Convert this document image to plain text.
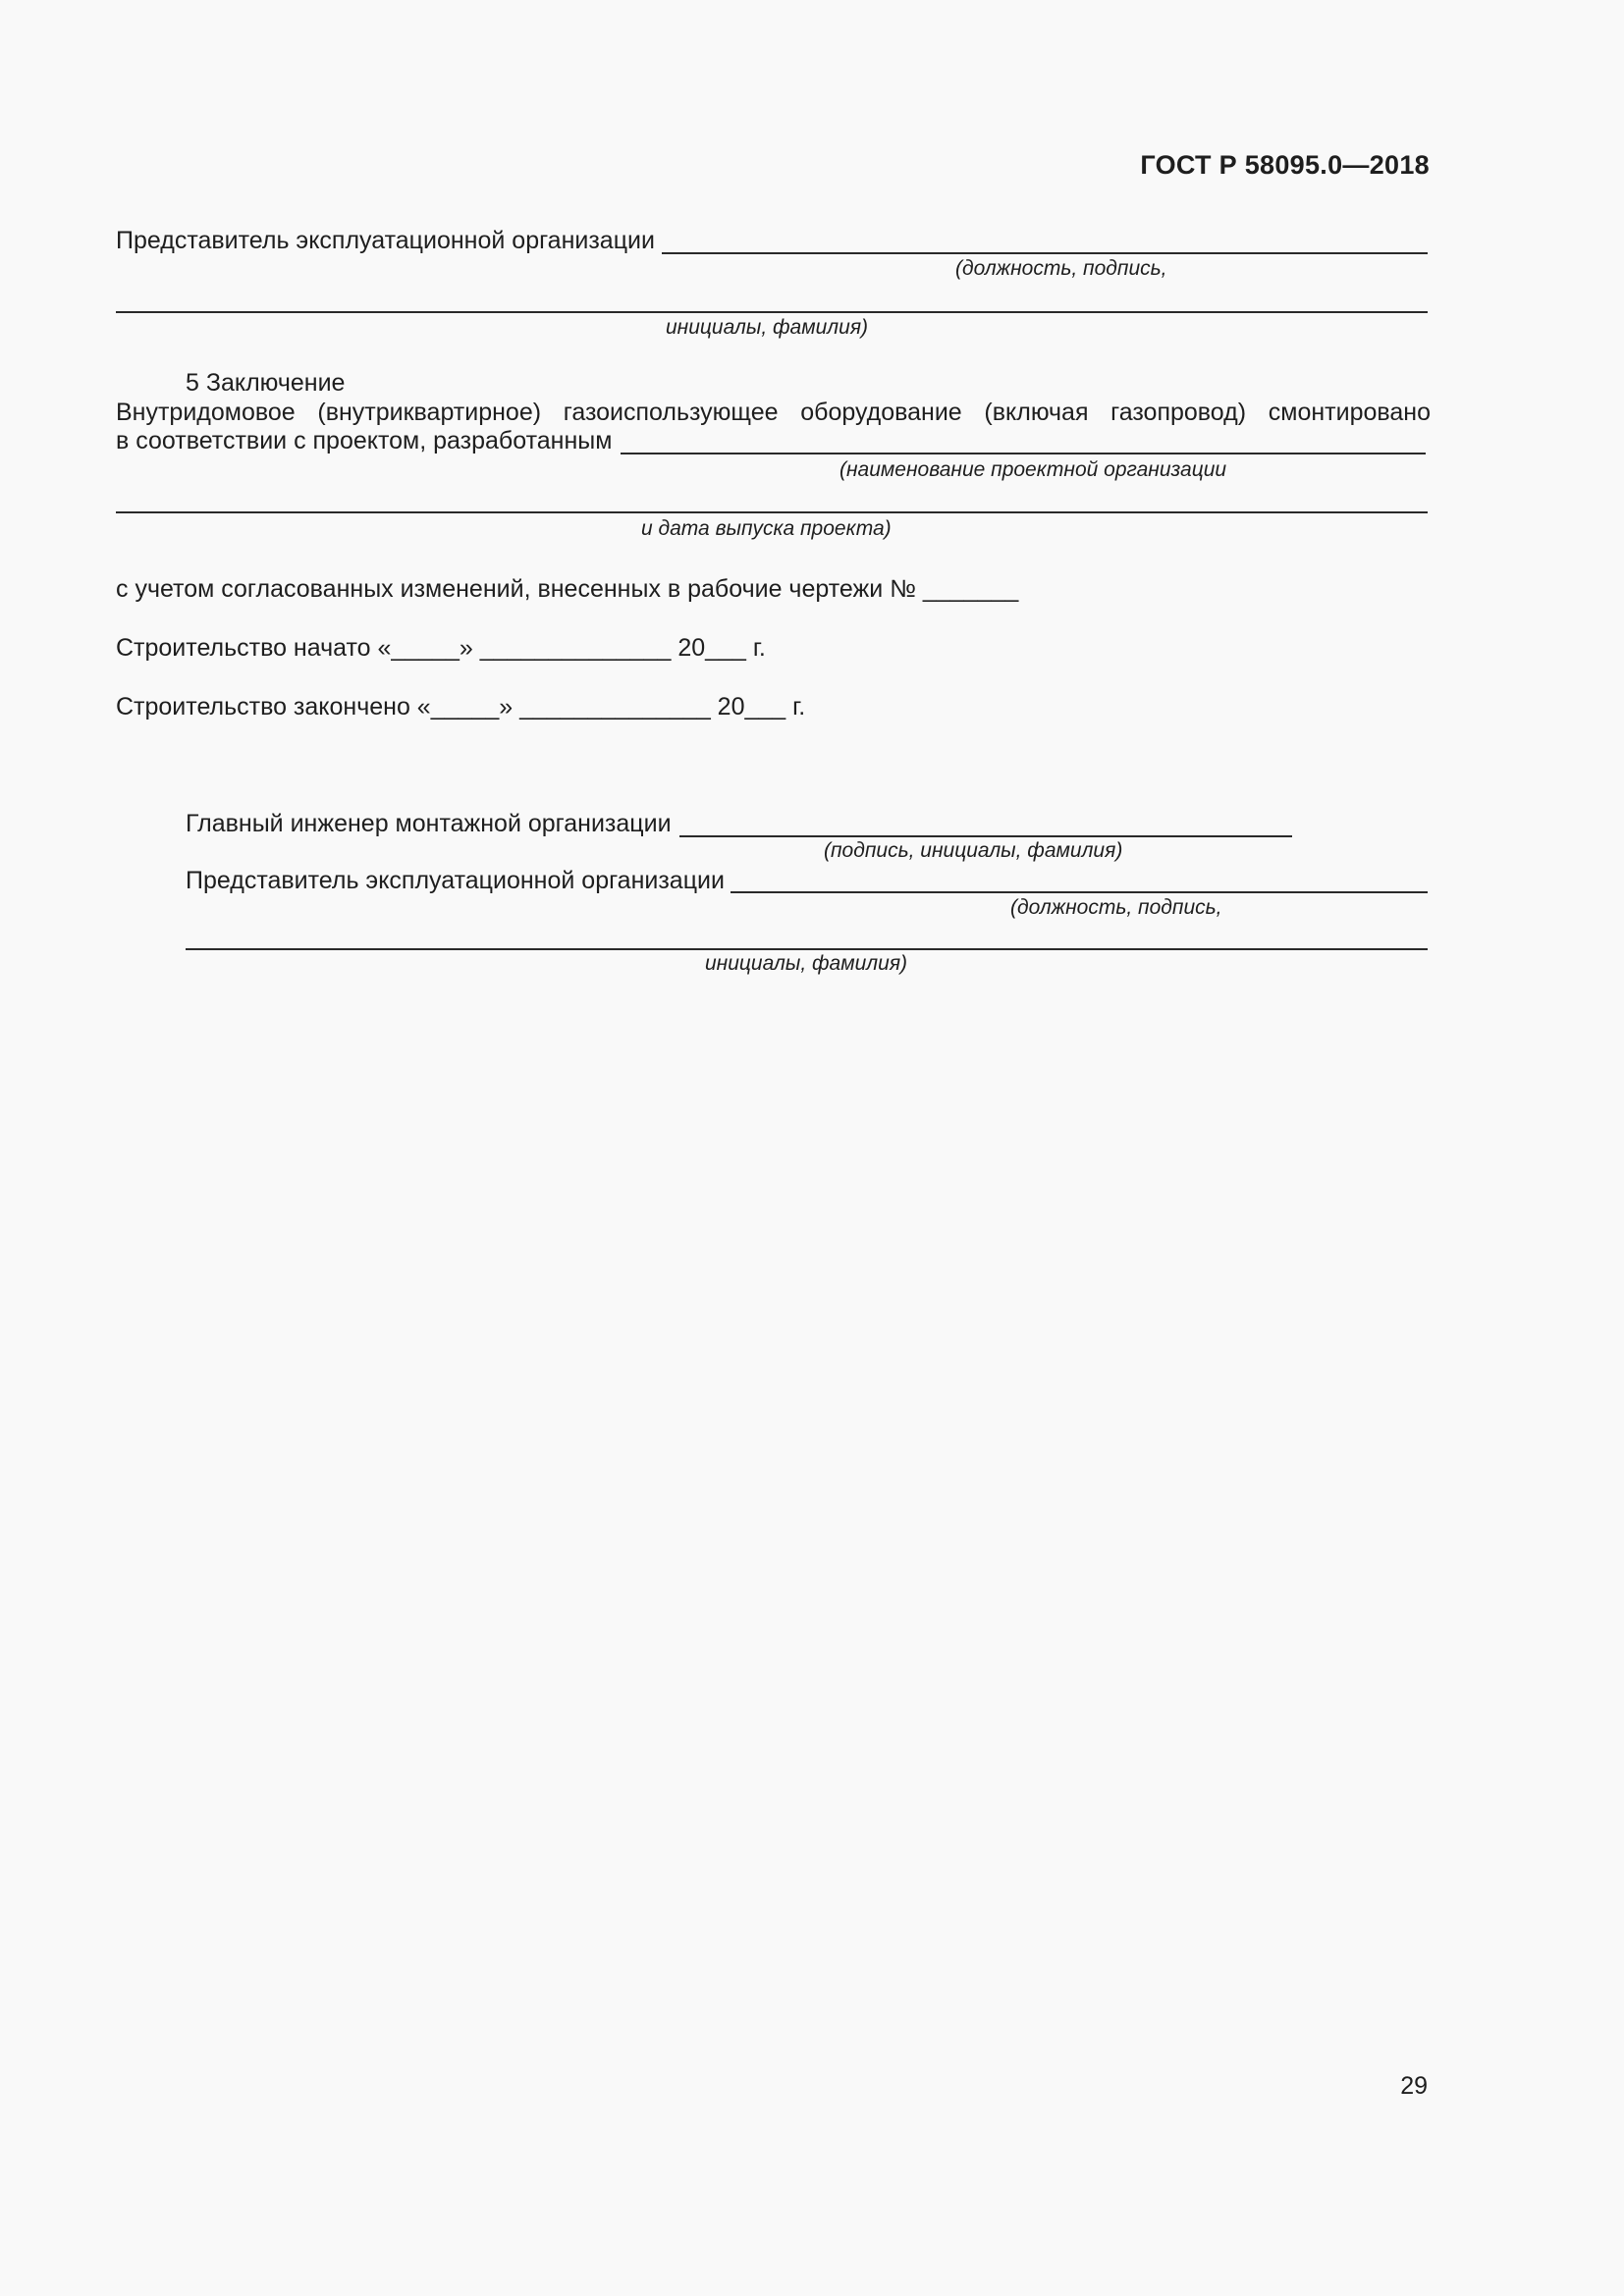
ГОСТ Р 58095.0—2018
Представитель эксплуатационной организации
(должность, подпись,
инициалы, фамилия)
5 Заключение
Внутридомовое (внутриквартирное) газоиспользующее оборудование (включая газопровод) смонтировано
в соответствии с проектом, разработанным
(наименование проектной организации
и дата выпуска проекта)
с учетом согласованных изменений, внесенных в рабочие чертежи № _______
Строительство начато «_____» ______________ 20___ г.
Строительство закончено «_____» ______________ 20___ г.
Главный инженер монтажной организации
(подпись, инициалы, фамилия)
Представитель эксплуатационной организации
(должность, подпись,
инициалы, фамилия)
29
